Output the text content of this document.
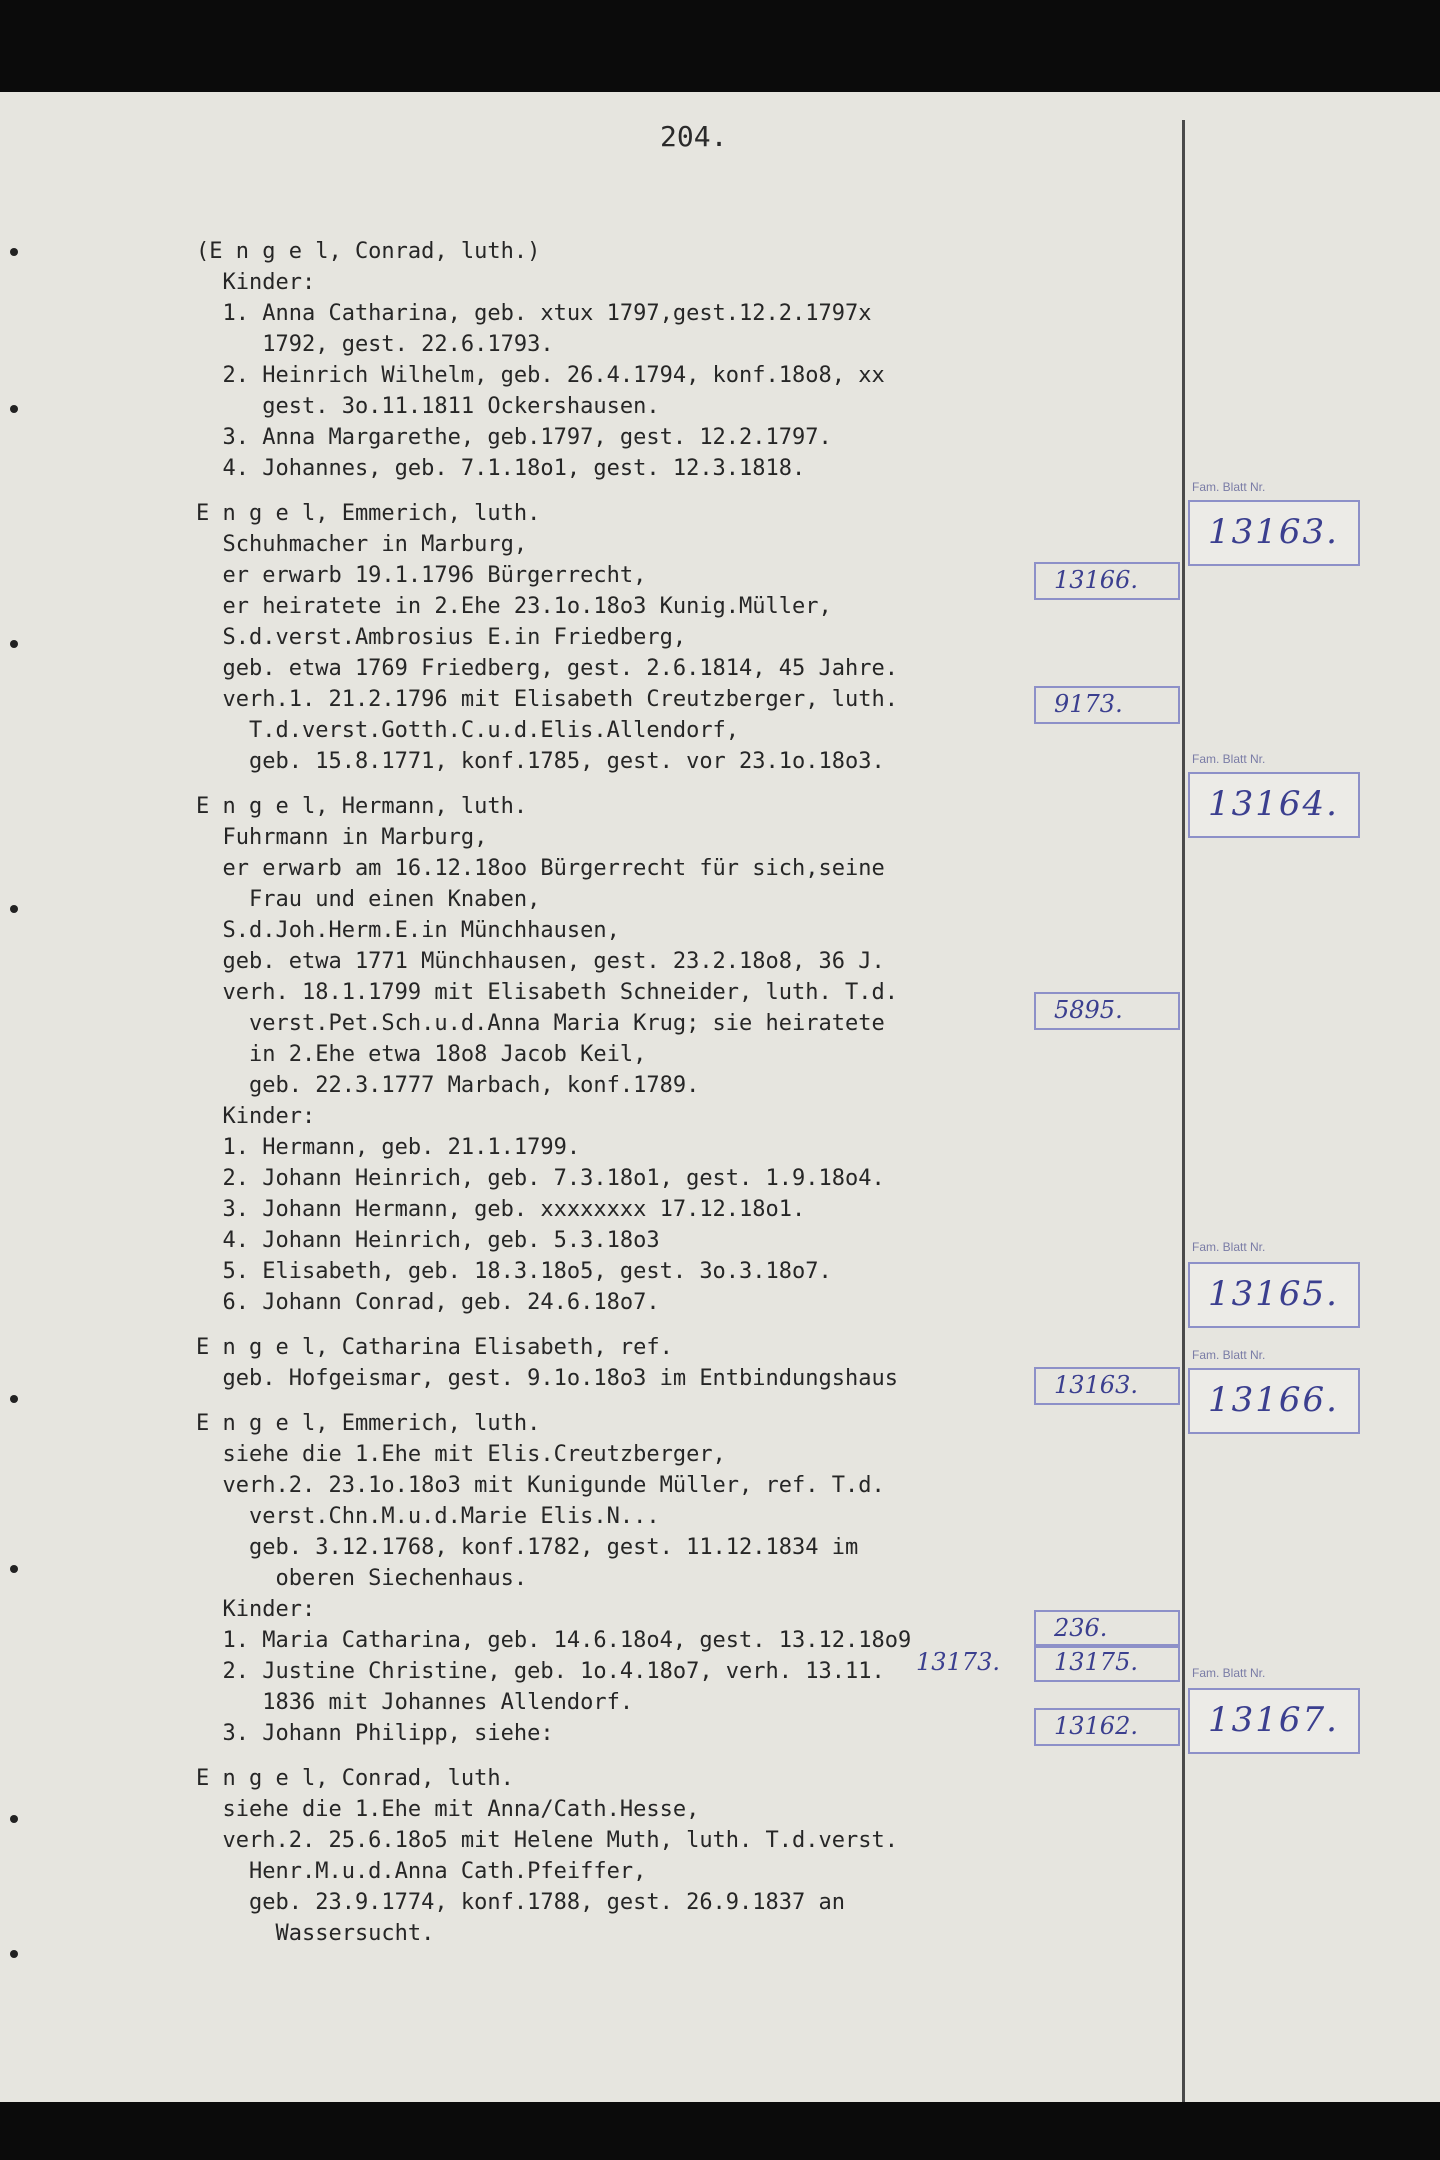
204.
(E n g e l, Conrad, luth.)
Kinder:
1. Anna Catharina, geb. xtux 1797,gest.12.2.1797x
1792, gest. 22.6.1793.
2. Heinrich Wilhelm, geb. 26.4.1794, konf.18o8, xx
gest. 3o.11.1811 Ockershausen.
3. Anna Margarethe, geb.1797, gest. 12.2.1797.
4. Johannes, geb. 7.1.18o1, gest. 12.3.1818.
E n g e l, Emmerich, luth.
Schuhmacher in Marburg,
er erwarb 19.1.1796 Bürgerrecht,
er heiratete in 2.Ehe 23.1o.18o3 Kunig.Müller,
S.d.verst.Ambrosius E.in Friedberg,
geb. etwa 1769 Friedberg, gest. 2.6.1814, 45 Jahre.
verh.1. 21.2.1796 mit Elisabeth Creutzberger, luth.
T.d.verst.Gotth.C.u.d.Elis.Allendorf,
geb. 15.8.1771, konf.1785, gest. vor 23.1o.18o3.
E n g e l, Hermann, luth.
Fuhrmann in Marburg,
er erwarb am 16.12.18oo Bürgerrecht für sich,seine
Frau und einen Knaben,
S.d.Joh.Herm.E.in Münchhausen,
geb. etwa 1771 Münchhausen, gest. 23.2.18o8, 36 J.
verh. 18.1.1799 mit Elisabeth Schneider, luth. T.d.
verst.Pet.Sch.u.d.Anna Maria Krug; sie heiratete
in 2.Ehe etwa 18o8 Jacob Keil,
geb. 22.3.1777 Marbach, konf.1789.
Kinder:
1. Hermann, geb. 21.1.1799.
2. Johann Heinrich, geb. 7.3.18o1, gest. 1.9.18o4.
3. Johann Hermann, geb. xxxxxxxx 17.12.18o1.
4. Johann Heinrich, geb. 5.3.18o3
5. Elisabeth, geb. 18.3.18o5, gest. 3o.3.18o7.
6. Johann Conrad, geb. 24.6.18o7.
E n g e l, Catharina Elisabeth, ref.
geb. Hofgeismar, gest. 9.1o.18o3 im Entbindungshaus
E n g e l, Emmerich, luth.
siehe die 1.Ehe mit Elis.Creutzberger,
verh.2. 23.1o.18o3 mit Kunigunde Müller, ref. T.d.
verst.Chn.M.u.d.Marie Elis.N...
geb. 3.12.1768, konf.1782, gest. 11.12.1834 im
oberen Siechenhaus.
Kinder:
1. Maria Catharina, geb. 14.6.18o4, gest. 13.12.18o9
2. Justine Christine, geb. 1o.4.18o7, verh. 13.11.
1836 mit Johannes Allendorf.
3. Johann Philipp, siehe:
E n g e l, Conrad, luth.
siehe die 1.Ehe mit Anna/Cath.Hesse,
verh.2. 25.6.18o5 mit Helene Muth, luth. T.d.verst.
Henr.M.u.d.Anna Cath.Pfeiffer,
geb. 23.9.1774, konf.1788, gest. 26.9.1837 an
Wassersucht.
Fam. Blatt Nr.
13163.
Fam. Blatt Nr.
13164.
Fam. Blatt Nr.
13165.
Fam. Blatt Nr.
13166.
Fam. Blatt Nr.
13167.
13166.
9173.
5895.
13163.
236.
13173. 13175.
13162.
